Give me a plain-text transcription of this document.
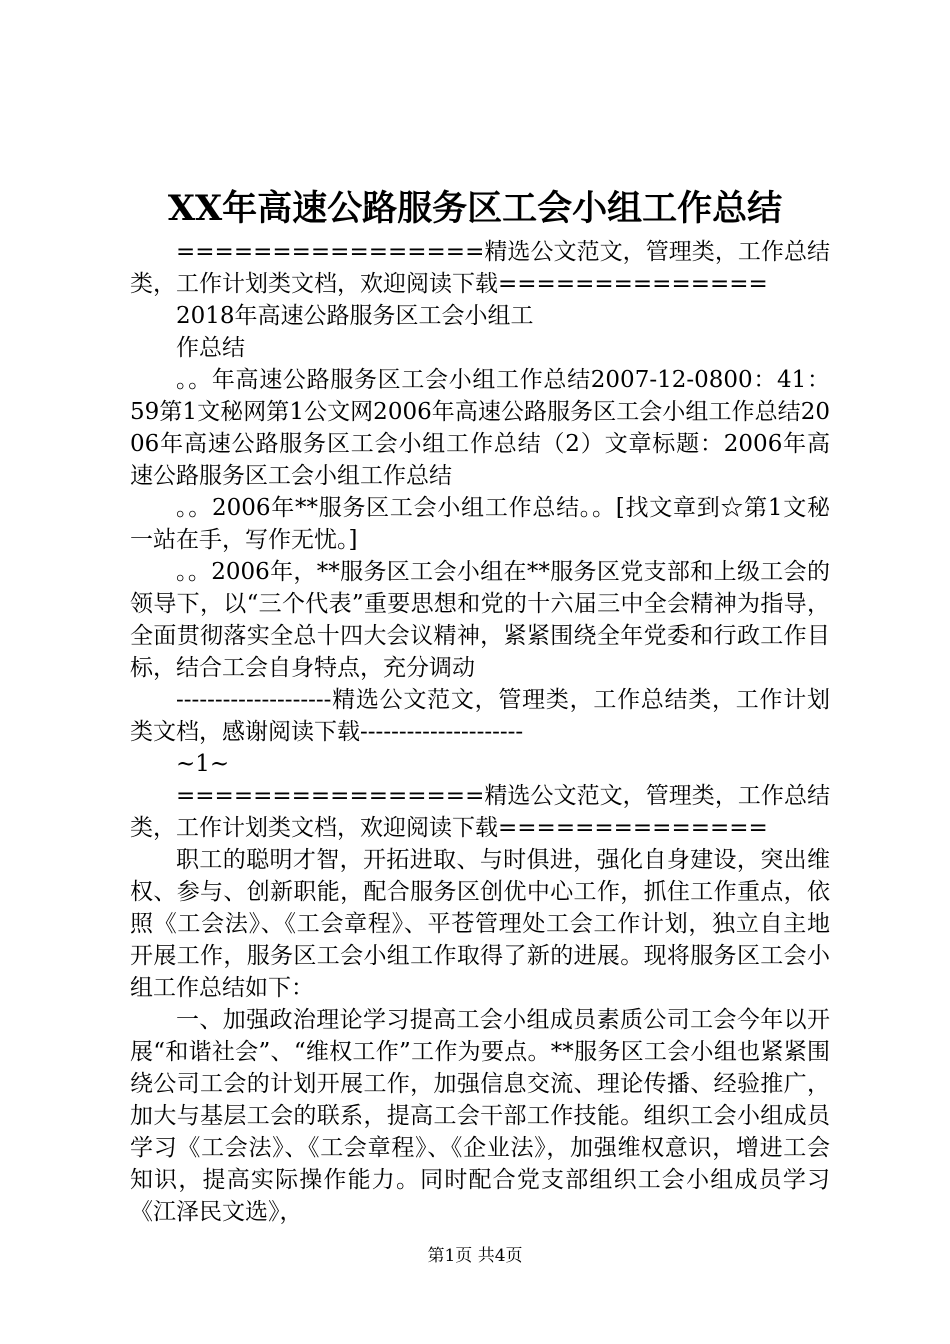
XX年高速公路服务区工会小组工作总结

================精选公文范文，管理类，工作总结类，工作计划类文档，欢迎阅读下载==============

2018年高速公路服务区工会小组工

作总结

。。年高速公路服务区工会小组工作总结2007-12-0800：41：59第1文秘网第1公文网2006年高速公路服务区工会小组工作总结2006年高速公路服务区工会小组工作总结（2）文章标题：2006年高速公路服务区工会小组工作总结

。。2006年**服务区工会小组工作总结。。[找文章到☆第1文秘一站在手，写作无忧。]

。。2006年，**服务区工会小组在**服务区党支部和上级工会的领导下，以“三个代表”重要思想和党的十六届三中全会精神为指导，全面贯彻落实全总十四大会议精神，紧紧围绕全年党委和行政工作目标，结合工会自身特点，充分调动

--------------------精选公文范文，管理类，工作总结类，工作计划类文档，感谢阅读下载---------------------

~1~

================精选公文范文，管理类，工作总结类，工作计划类文档，欢迎阅读下载==============

职工的聪明才智，开拓进取、与时俱进，强化自身建设，突出维权、参与、创新职能，配合服务区创优中心工作，抓住工作重点，依照《工会法》、《工会章程》、平苍管理处工会工作计划，独立自主地开展工作，服务区工会小组工作取得了新的进展。现将服务区工会小组工作总结如下：

一、加强政治理论学习提高工会小组成员素质公司工会今年以开展“和谐社会”、“维权工作”工作为要点。**服务区工会小组也紧紧围绕公司工会的计划开展工作，加强信息交流、理论传播、经验推广，加大与基层工会的联系，提高工会干部工作技能。组织工会小组成员学习《工会法》、《工会章程》、《企业法》，加强维权意识，增进工会知识，提高实际操作能力。同时配合党支部组织工会小组成员学习《江泽民文选》，

第1页 共4页
